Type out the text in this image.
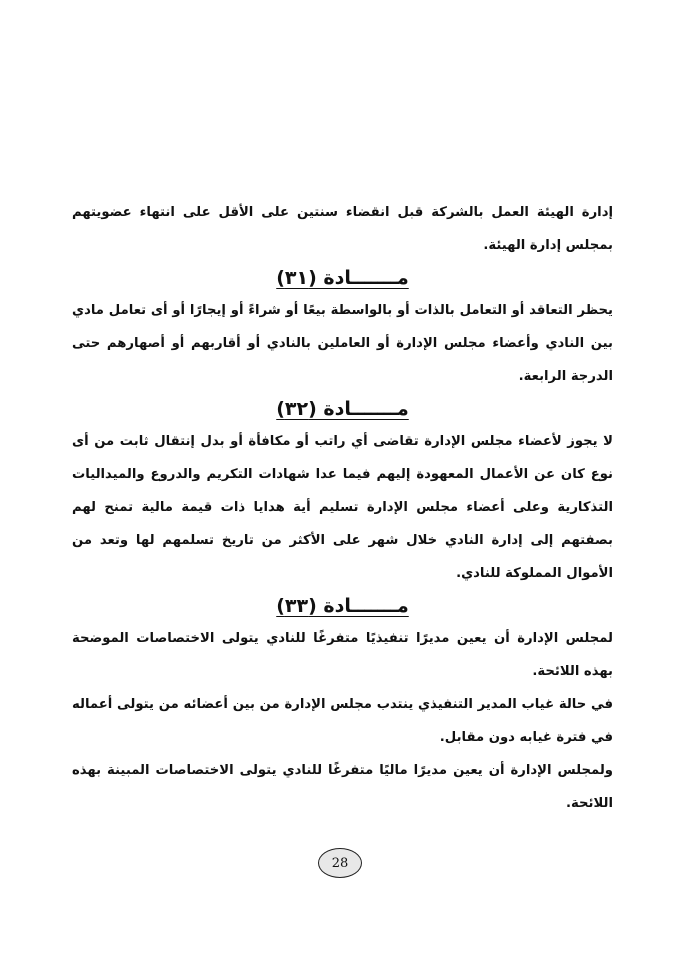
إدارة الهيئة العمل بالشركة قبل انقضاء سنتين على الأقل على انتهاء عضويتهم بمجلس إدارة الهيئة.

مـــــــادة (٣١)

يحظر التعاقد أو التعامل بالذات أو بالواسطة بيعًا أو شراءً أو إيجارًا أو أى تعامل مادي بين النادي وأعضاء مجلس الإدارة أو العاملين بالنادي أو أقاربهم أو أصهارهم حتى الدرجة الرابعة.

مـــــــادة (٣٢)

لا يجوز لأعضاء مجلس الإدارة تقاضى أي راتب أو مكافأة أو بدل إنتقال ثابت من أى نوع كان عن الأعمال المعهودة إليهم فيما عدا شهادات التكريم والدروع والميداليات التذكارية وعلى أعضاء مجلس الإدارة تسليم أية هدايا ذات قيمة مالية تمنح لهم بصفتهم إلى إدارة النادي خلال شهر على الأكثر من تاريخ تسلمهم لها وتعد من الأموال المملوكة للنادي.

مـــــــادة (٣٣)

لمجلس الإدارة أن يعين مديرًا تنفيذيًا متفرغًا للنادي يتولى الاختصاصات الموضحة بهذه اللائحة.

في حالة غياب المدير التنفيذي ينتدب مجلس الإدارة من بين أعضائه من يتولى أعماله في فترة غيابه دون مقابل.

ولمجلس الإدارة أن يعين مديرًا ماليًا متفرغًا للنادي يتولى الاختصاصات المبينة بهذه اللائحة.

28
